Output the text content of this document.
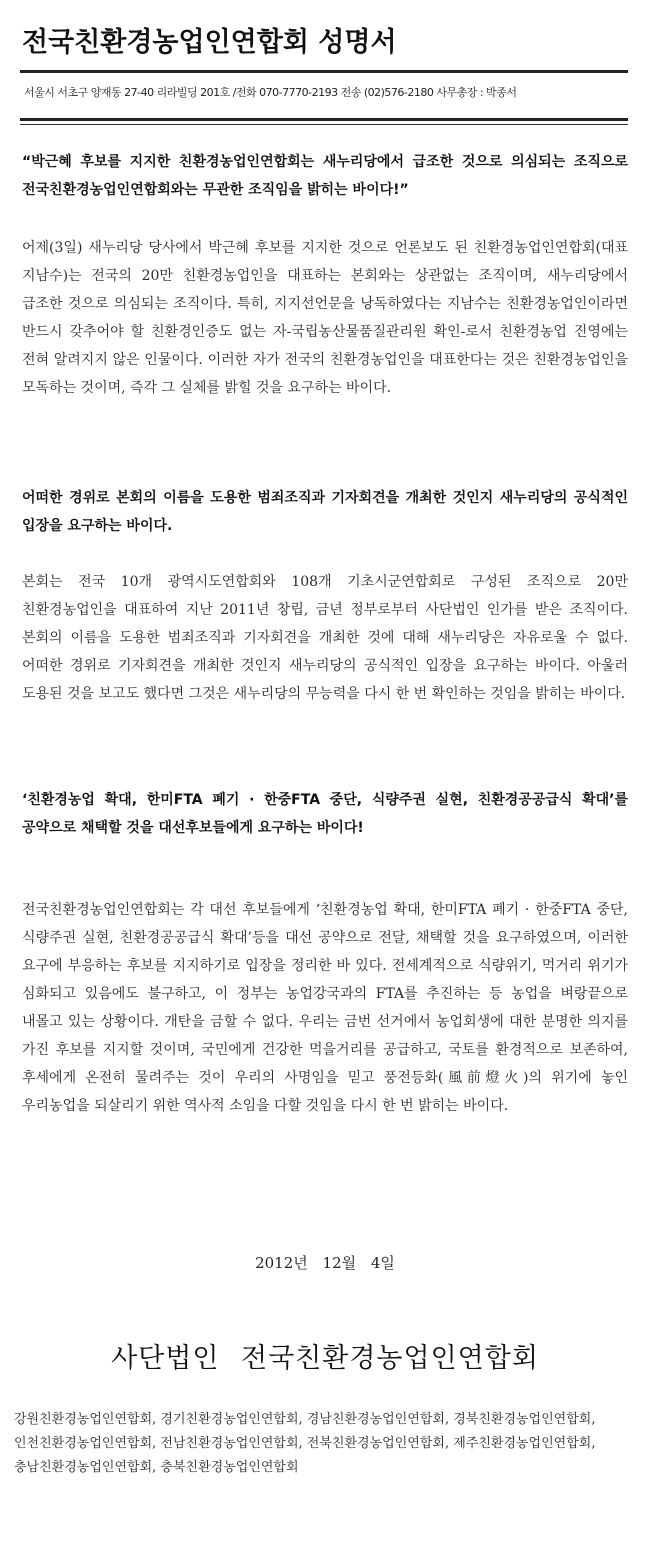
전국친환경농업인연합회 성명서
서울시 서초구 양재동 27-40 리라빌딩 201호 /전화 070-7770-2193 전송 (02)576-2180 사무총장 : 박종서
“박근혜 후보를 지지한 친환경농업인연합회는 새누리당에서 급조한 것으로 의심되는 조직으로 전국친환경농업인연합회와는 무관한 조직임을 밝히는 바이다!”
어제(3일) 새누리당 당사에서 박근혜 후보를 지지한 것으로 언론보도 된 친환경농업인연합회(대표 지남수)는 전국의 20만 친환경농업인을 대표하는 본회와는 상관없는 조직이며, 새누리당에서 급조한 것으로 의심되는 조직이다. 특히, 지지선언문을 낭독하였다는 지남수는 친환경농업인이라면 반드시 갖추어야 할 친환경인증도 없는 자-국립농산물품질관리원 확인-로서 친환경농업 진영에는 전혀 알려지지 않은 인물이다. 이러한 자가 전국의 친환경농업인을 대표한다는 것은 친환경농업인을 모독하는 것이며, 즉각 그 실체를 밝힐 것을 요구하는 바이다.
어떠한 경위로 본회의 이름을 도용한 범죄조직과 기자회견을 개최한 것인지 새누리당의 공식적인 입장을 요구하는 바이다.
본회는 전국 10개 광역시도연합회와 108개 기초시군연합회로 구성된 조직으로 20만 친환경농업인을 대표하여 지난 2011년 창립, 금년 정부로부터 사단법인 인가를 받은 조직이다. 본회의 이름을 도용한 범죄조직과 기자회견을 개최한 것에 대해 새누리당은 자유로울 수 없다. 어떠한 경위로 기자회견을 개최한 것인지 새누리당의 공식적인 입장을 요구하는 바이다. 아울러 도용된 것을 보고도 했다면 그것은 새누리당의 무능력을 다시 한 번 확인하는 것임을 밝히는 바이다.
‘친환경농업 확대, 한미FTA 폐기 · 한중FTA 중단, 식량주권 실현, 친환경공공급식 확대’를 공약으로 채택할 것을 대선후보들에게 요구하는 바이다!
전국친환경농업인연합회는 각 대선 후보들에게 ‘친환경농업 확대, 한미FTA 폐기 · 한중FTA 중단, 식량주권 실현, 친환경공공급식 확대’등을 대선 공약으로 전달, 채택할 것을 요구하였으며, 이러한 요구에 부응하는 후보를 지지하기로 입장을 정리한 바 있다. 전세계적으로 식량위기, 먹거리 위기가 심화되고 있음에도 불구하고, 이 정부는 농업강국과의 FTA를 추진하는 등 농업을 벼랑끝으로 내몰고 있는 상황이다. 개탄을 금할 수 없다. 우리는 금번 선거에서 농업회생에 대한 분명한 의지를 가진 후보를 지지할 것이며, 국민에게 건강한 먹을거리를 공급하고, 국토를 환경적으로 보존하여, 후세에게 온전히 물려주는 것이 우리의 사명임을 믿고 풍전등화(風前燈火)의 위기에 놓인 우리농업을 되살리기 위한 역사적 소임을 다할 것임을 다시 한 번 밝히는 바이다.
2012년 12월 4일
사단법인 전국친환경농업인연합회
강원친환경농업인연합회, 경기친환경농업인연합회, 경남친환경농업인연합회, 경북친환경농업인연합회, 인천친환경농업인연합회, 전남친환경농업인연합회, 전북친환경농업인연합회, 제주친환경농업인연합회, 충남친환경농업인연합회, 충북친환경농업인연합회
